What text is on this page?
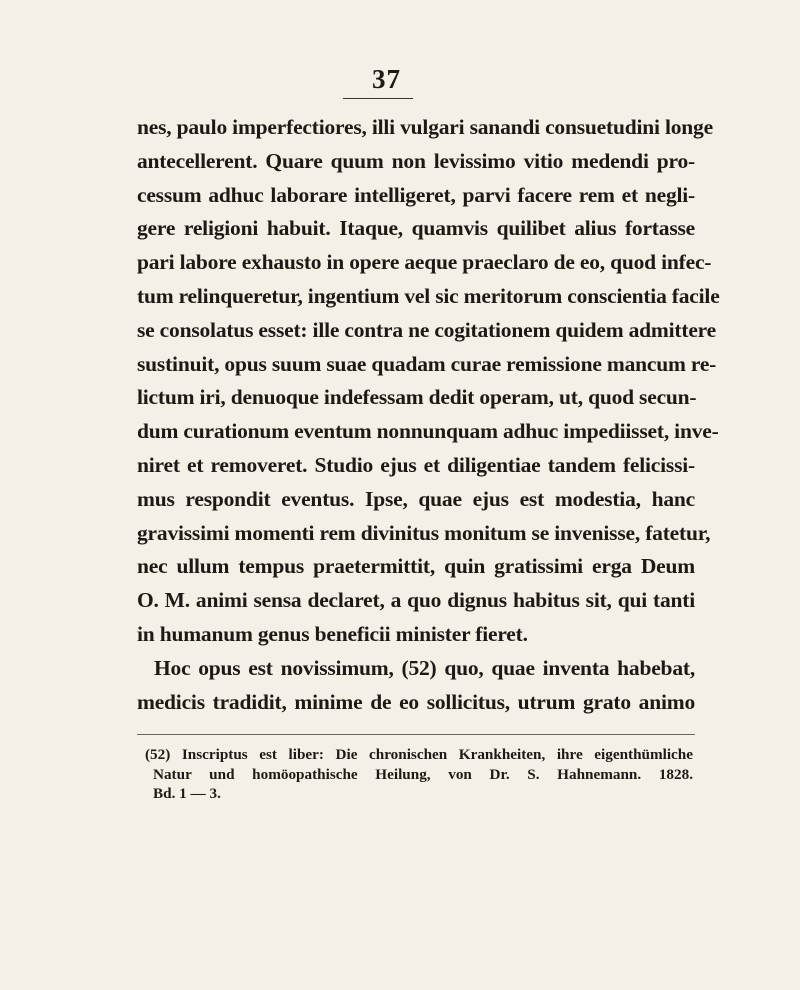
37
nes, paulo imperfectiores, illi vulgari sanandi consuetudini longe
antecellerent. Quare quum non levissimo vitio medendi pro-
cessum adhuc laborare intelligeret, parvi facere rem et negli-
gere religioni habuit. Itaque, quamvis quilibet alius fortasse
pari labore exhausto in opere aeque praeclaro de eo, quod infec-
tum relinqueretur, ingentium vel sic meritorum conscientia facile
se consolatus esset: ille contra ne cogitationem quidem admittere
sustinuit, opus suum suae quadam curae remissione mancum re-
lictum iri, denuoque indefessam dedit operam, ut, quod secun-
dum curationum eventum nonnunquam adhuc impediisset, inve-
niret et removeret. Studio ejus et diligentiae tandem felicissi-
mus respondit eventus. Ipse, quae ejus est modestia, hanc
gravissimi momenti rem divinitus monitum se invenisse, fatetur,
nec ullum tempus praetermittit, quin gratissimi erga Deum
O. M. animi sensa declaret, a quo dignus habitus sit, qui tanti
in humanum genus beneficii minister fieret.
Hoc opus est novissimum, (52) quo, quae inventa habebat,
medicis tradidit, minime de eo sollicitus, utrum grato animo
(52) Inscriptus est liber: Die chronischen Krankheiten, ihre eigenthümliche
Natur und homöopathische Heilung, von Dr. S. Hahnemann. 1828.
Bd. 1 — 3.
